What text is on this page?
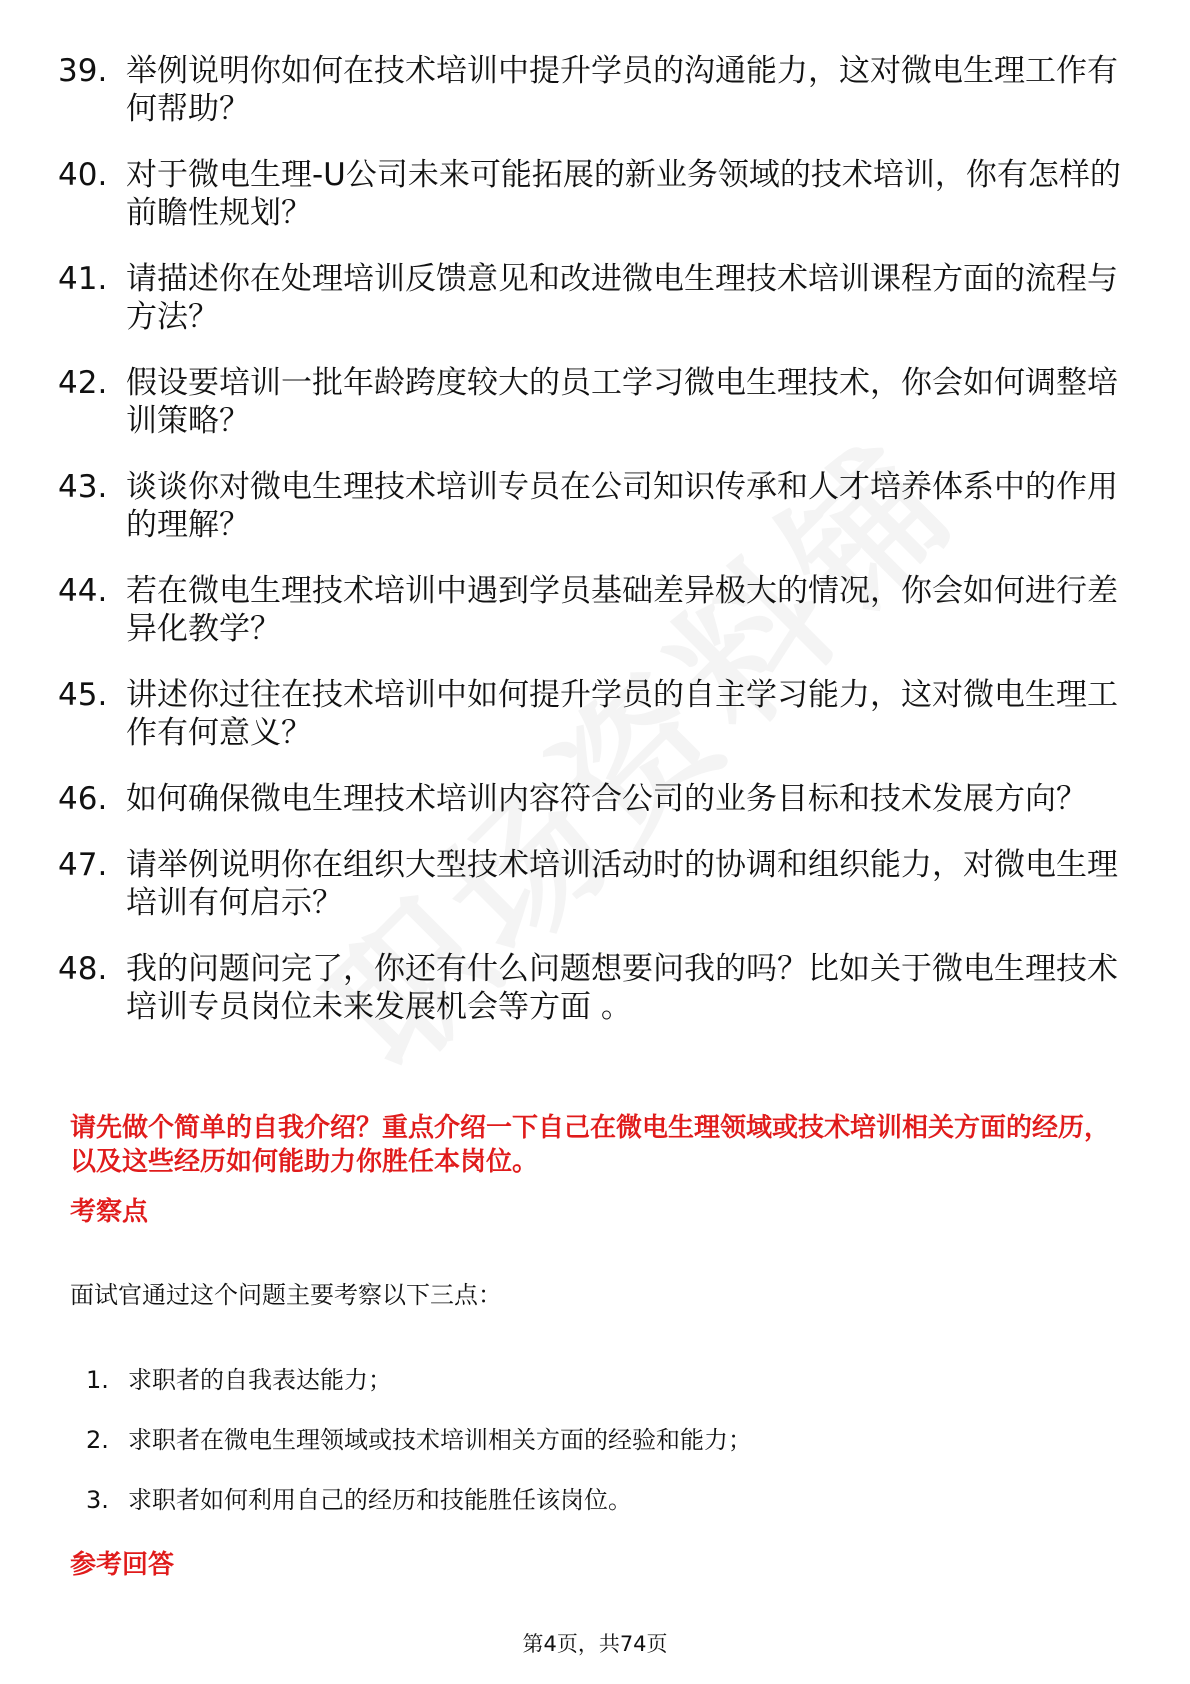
39. 举例说明你如何在技术培训中提升学员的沟通能力，这对微电生理工作有何帮助？
40. 对于微电生理-U公司未来可能拓展的新业务领域的技术培训，你有怎样的前瞻性规划？
41. 请描述你在处理培训反馈意见和改进微电生理技术培训课程方面的流程与方法？
42. 假设要培训一批年龄跨度较大的员工学习微电生理技术，你会如何调整培训策略？
43. 谈谈你对微电生理技术培训专员在公司知识传承和人才培养体系中的作用的理解？
44. 若在微电生理技术培训中遇到学员基础差异极大的情况，你会如何进行差异化教学？
45. 讲述你过往在技术培训中如何提升学员的自主学习能力，这对微电生理工作有何意义？
46. 如何确保微电生理技术培训内容符合公司的业务目标和技术发展方向？
47. 请举例说明你在组织大型技术培训活动时的协调和组织能力，对微电生理培训有何启示？
48. 我的问题问完了，你还有什么问题想要问我的吗？比如关于微电生理技术培训专员岗位未来发展机会等方面 。
请先做个简单的自我介绍？重点介绍一下自己在微电生理领域或技术培训相关方面的经历，以及这些经历如何能助力你胜任本岗位。
考察点
面试官通过这个问题主要考察以下三点：
1. 求职者的自我表达能力；
2. 求职者在微电生理领域或技术培训相关方面的经验和能力；
3. 求职者如何利用自己的经历和技能胜任该岗位。
参考回答
第4页，共74页
